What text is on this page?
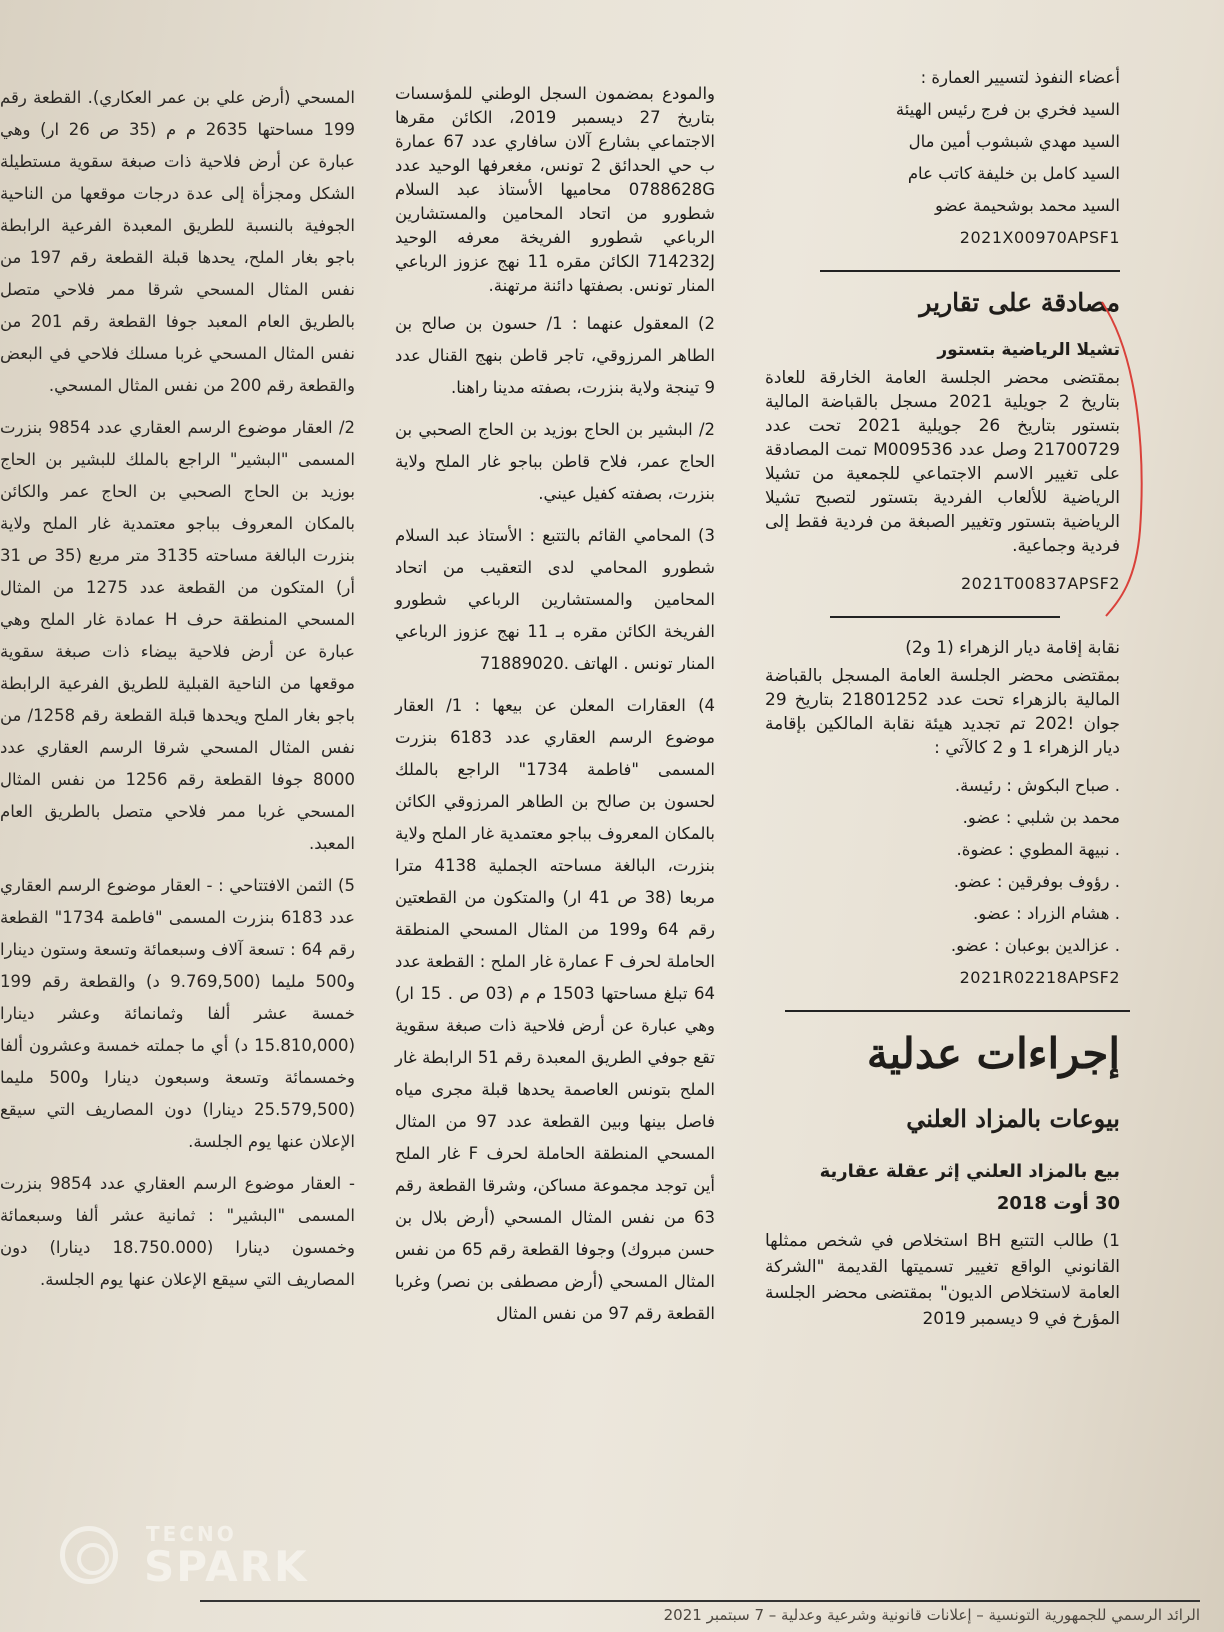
أعضاء النفوذ لتسيير العمارة :
السيد فخري بن فرج رئيس الهيئة
السيد مهدي شبشوب أمين مال
السيد كامل بن خليفة كاتب عام
السيد محمد بوشحيمة عضو

2021X00970APSF1

مصادقة على تقارير
تشيلا الرياضية بتستور

بمقتضى محضر الجلسة العامة الخارقة للعادة بتاريخ 2 جويلية 2021 مسجل بالقباضة المالية بتستور بتاريخ 26 جويلية 2021 تحت عدد 21700729 وصل عدد M009536 تمت المصادقة على تغيير الاسم الاجتماعي للجمعية من تشيلا الرياضية للألعاب الفردية بتستور لتصبح تشيلا الرياضية بتستور وتغيير الصبغة من فردية فقط إلى فردية وجماعية.

2021T00837APSF2

نقابة إقامة ديار الزهراء (1 و2)

بمقتضى محضر الجلسة العامة المسجل بالقباضة المالية بالزهراء تحت عدد 21801252 بتاريخ 29 جوان !202 تم تجديد هيئة نقابة المالكين بإقامة ديار الزهراء 1 و 2 كالآتي :

. صباح البكوش : رئيسة.
محمد بن شلبي : عضو.
. نبيهة المطوي : عضوة.
. رؤوف بوفرقين : عضو.
. هشام الزراد : عضو.
. عزالدين بوعبان : عضو.

2021R02218APSF2

إجراءات عدلية
بيوعات بالمزاد العلني
بيع بالمزاد العلني إثر عقلة عقارية
30 أوت 2018

1) طالب التتبع BH استخلاص في شخص ممثلها القانوني الواقع تغيير تسميتها القديمة "الشركة العامة لاستخلاص الديون" بمقتضى محضر الجلسة المؤرخ في 9 ديسمبر 2019

والمودع بمضمون السجل الوطني للمؤسسات بتاريخ 27 ديسمبر 2019، الكائن مقرها الاجتماعي بشارع آلان سافاري عدد 67 عمارة ب حي الحدائق 2 تونس، مغعرفها الوحيد عدد 0788628G محاميها الأستاذ عبد السلام شطورو من اتحاد المحامين والمستشارين الرباعي شطورو الفريخة معرفه الوحيد 714232J الكائن مقره 11 نهج عزوز الرباعي المنار تونس. بصفتها دائنة مرتهنة.

2) المعقول عنهما : 1/ حسون بن صالح بن الطاهر المرزوقي، تاجر قاطن بنهج القنال عدد 9 تينجة ولاية بنزرت، بصفته مدينا راهنا.

2/ البشير بن الحاج بوزيد بن الحاج الصحبي بن الحاج عمر، فلاح قاطن بباجو غار الملح ولاية بنزرت، بصفته كفيل عيني.

3) المحامي القائم بالتتبع : الأستاذ عبد السلام شطورو المحامي لدى التعقيب من اتحاد المحامين والمستشارين الرباعي شطورو الفريخة الكائن مقره بـ 11 نهج عزوز الرباعي المنار تونس . الهاتف .71889020

4) العقارات المعلن عن بيعها : 1/ العقار موضوع الرسم العقاري عدد 6183 بنزرت المسمى "فاطمة 1734" الراجع بالملك لحسون بن صالح بن الطاهر المرزوقي الكائن بالمكان المعروف بباجو معتمدية غار الملح ولاية بنزرت، البالغة مساحته الجملية 4138 مترا مربعا (38 ص 41 ار) والمتكون من القطعتين رقم 64 و199 من المثال المسحي المنطقة الحاملة لحرف F عمارة غار الملح : القطعة عدد 64 تبلغ مساحتها 1503 م م (03 ص . 15 ار) وهي عبارة عن أرض فلاحية ذات صبغة سقوية تقع جوفي الطريق المعبدة رقم 51 الرابطة غار الملح بتونس العاصمة يحدها قبلة مجرى مياه فاصل بينها وبين القطعة عدد 97 من المثال المسحي المنطقة الحاملة لحرف F غار الملح أين توجد مجموعة مساكن، وشرقا القطعة رقم 63 من نفس المثال المسحي (أرض بلال بن حسن مبروك) وجوفا القطعة رقم 65 من نفس المثال المسحي (أرض مصطفى بن نصر) وغربا القطعة رقم 97 من نفس المثال

المسحي (أرض علي بن عمر العكاري). القطعة رقم 199 مساحتها 2635 م م (35 ص 26 ار) وهي عبارة عن أرض فلاحية ذات صبغة سقوية مستطيلة الشكل ومجزأة إلى عدة درجات موقعها من الناحية الجوفية بالنسبة للطريق المعبدة الفرعية الرابطة باجو بغار الملح، يحدها قبلة القطعة رقم 197 من نفس المثال المسحي شرقا ممر فلاحي متصل بالطريق العام المعبد جوفا القطعة رقم 201 من نفس المثال المسحي غربا مسلك فلاحي في البعض والقطعة رقم 200 من نفس المثال المسحي.

2/ العقار موضوع الرسم العقاري عدد 9854 بنزرت المسمى "البشير" الراجع بالملك للبشير بن الحاج بوزيد بن الحاج الصحبي بن الحاج عمر والكائن بالمكان المعروف بباجو معتمدية غار الملح ولاية بنزرت البالغة مساحته 3135 متر مربع (35 ص 31 أر) المتكون من القطعة عدد 1275 من المثال المسحي المنطقة حرف H عمادة غار الملح وهي عبارة عن أرض فلاحية بيضاء ذات صبغة سقوية موقعها من الناحية القبلية للطريق الفرعية الرابطة باجو بغار الملح ويحدها قبلة القطعة رقم 1258/ من نفس المثال المسحي شرقا الرسم العقاري عدد 8000 جوفا القطعة رقم 1256 من نفس المثال المسحي غربا ممر فلاحي متصل بالطريق العام المعبد.

5) الثمن الافتتاحي : - العقار موضوع الرسم العقاري عدد 6183 بنزرت المسمى "فاطمة 1734" القطعة رقم 64 : تسعة آلاف وسبعمائة وتسعة وستون دينارا و500 مليما (9.769,500 د) والقطعة رقم 199 خمسة عشر ألفا وثمانمائة وعشر دينارا (15.810,000 د) أي ما جملته خمسة وعشرون ألفا وخمسمائة وتسعة وسبعون دينارا و500 مليما (25.579,500 دينارا) دون المصاريف التي سيقع الإعلان عنها يوم الجلسة.

- العقار موضوع الرسم العقاري عدد 9854 بنزرت المسمى "البشير" : ثمانية عشر ألفا وسبعمائة وخمسون دينارا (18.750.000 دينارا) دون المصاريف التي سيقع الإعلان عنها يوم الجلسة.

TECNO
SPARK
الرائد الرسمي للجمهورية التونسية – إعلانات قانونية وشرعية وعدلية – 7 سبتمبر 2021
